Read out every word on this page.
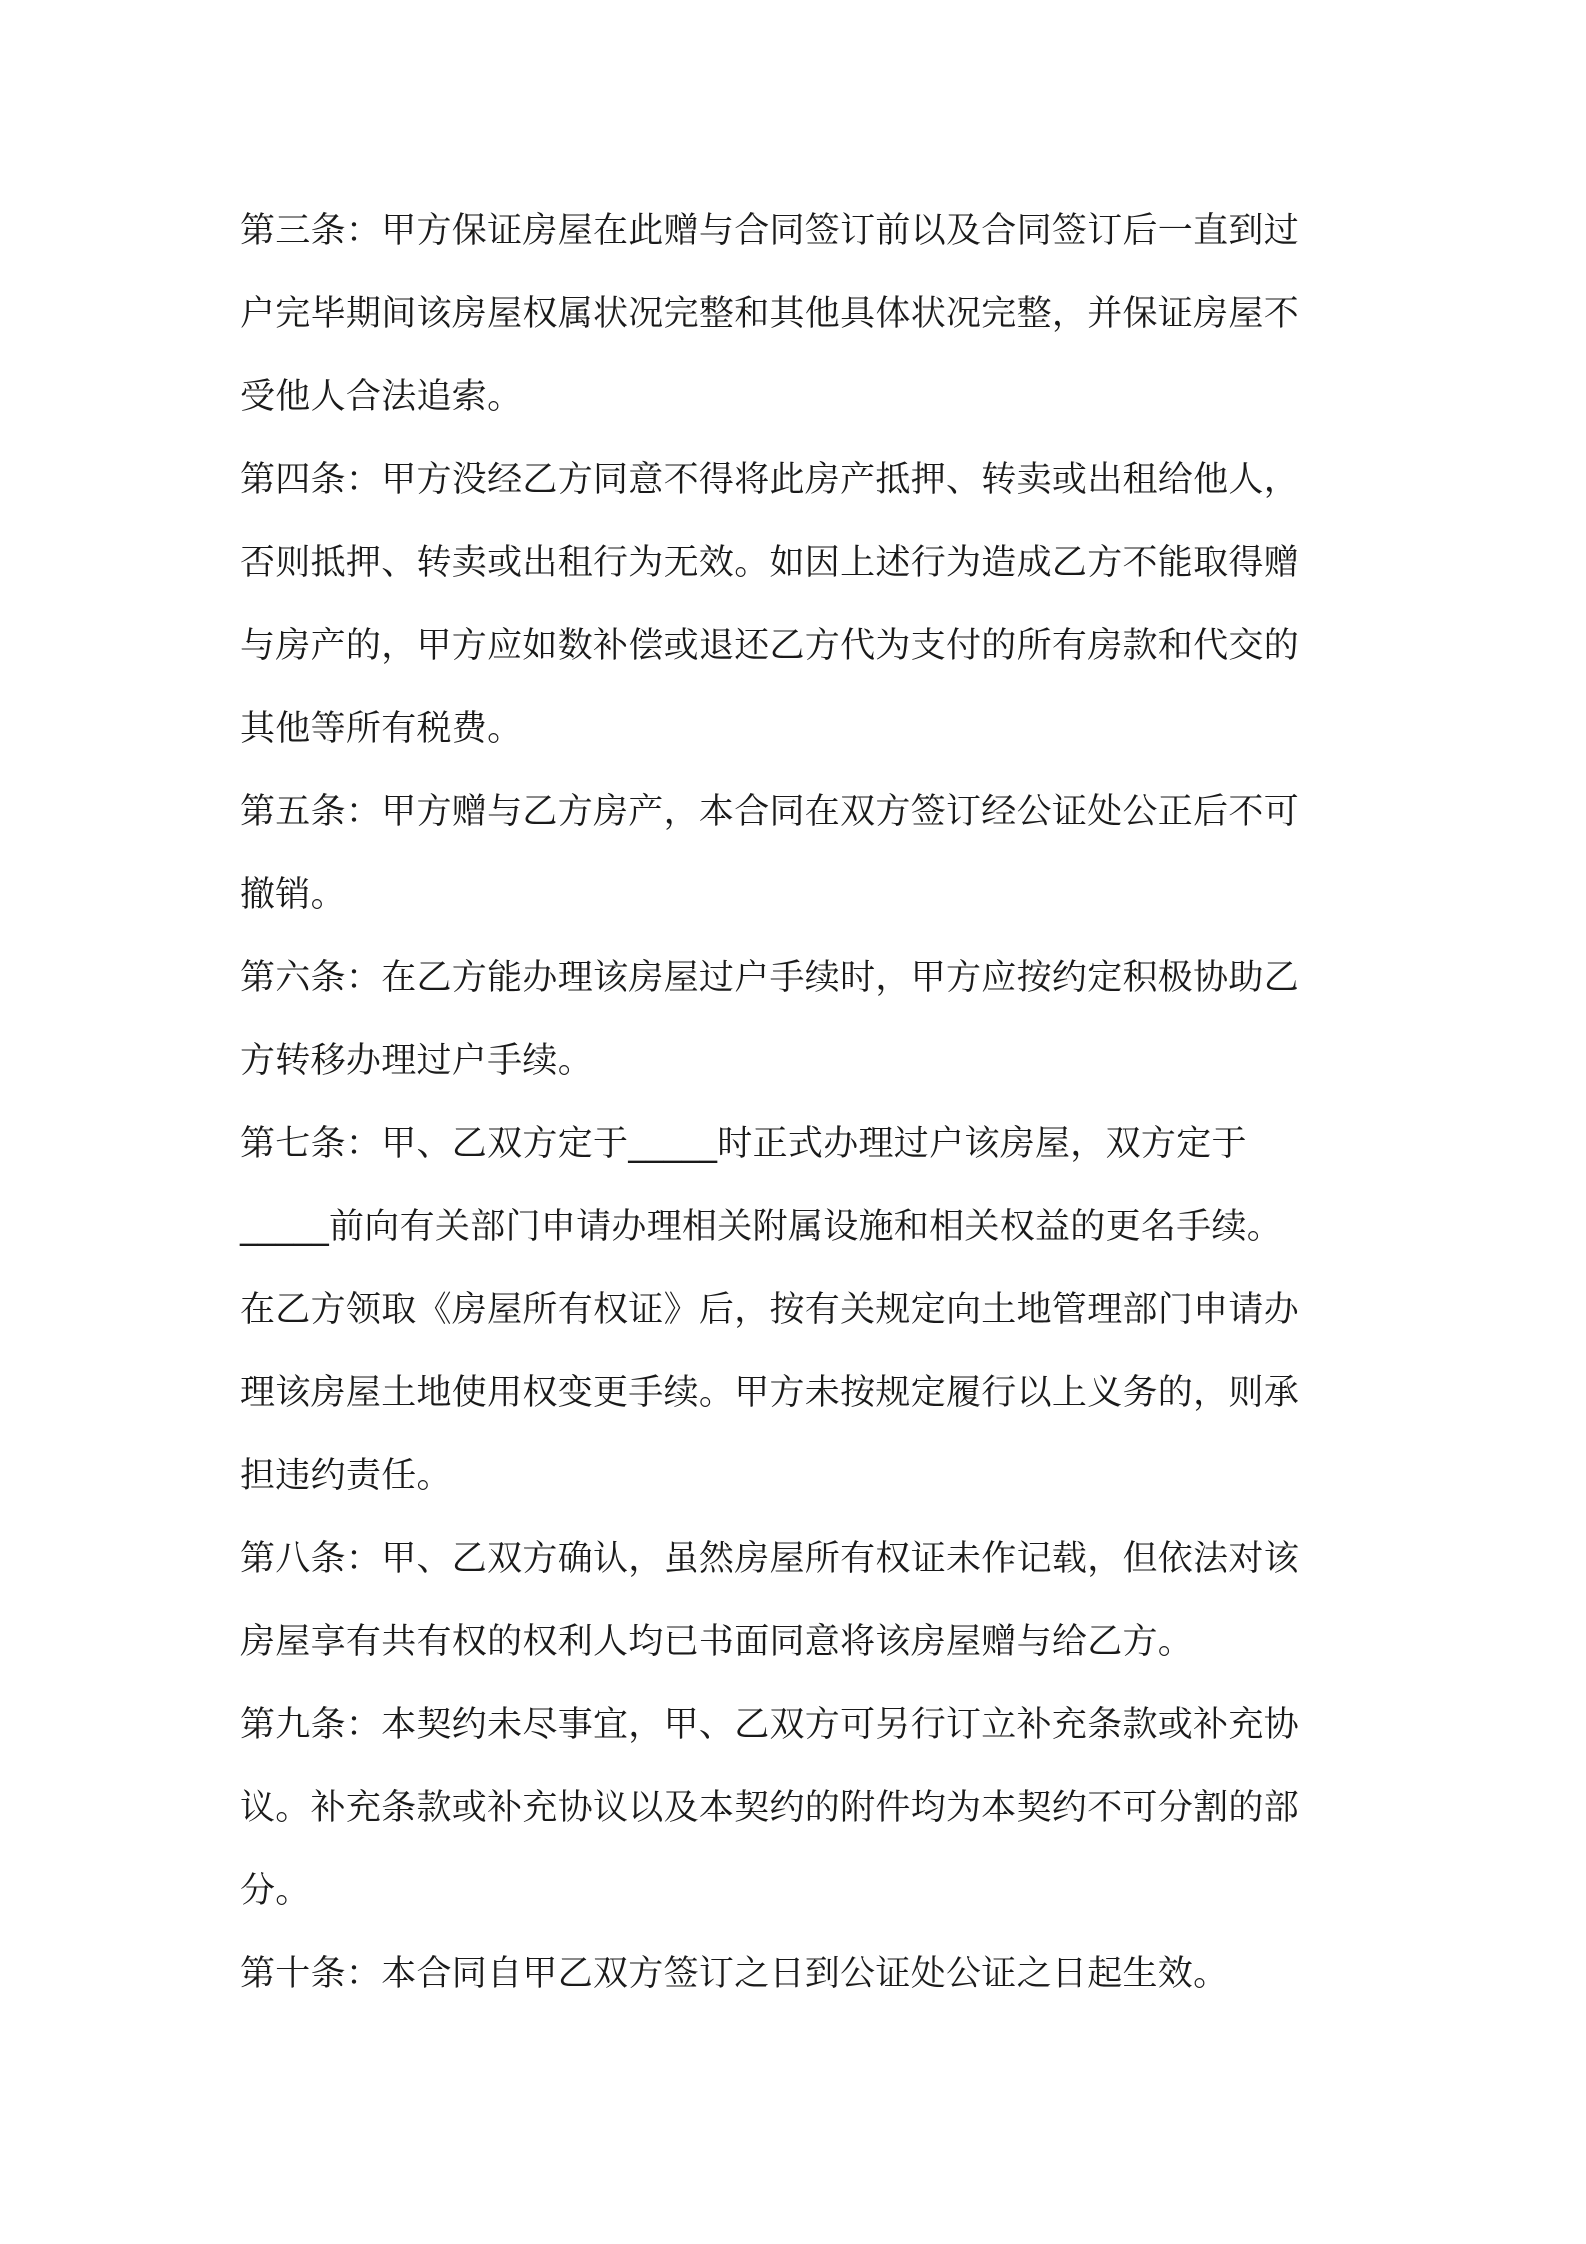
第三条：甲方保证房屋在此赠与合同签订前以及合同签订后一直到过

户完毕期间该房屋权属状况完整和其他具体状况完整，并保证房屋不

受他人合法追索。

第四条：甲方没经乙方同意不得将此房产抵押、转卖或出租给他人，

否则抵押、转卖或出租行为无效。如因上述行为造成乙方不能取得赠

与房产的，甲方应如数补偿或退还乙方代为支付的所有房款和代交的

其他等所有税费。

第五条：甲方赠与乙方房产，本合同在双方签订经公证处公正后不可

撤销。

第六条：在乙方能办理该房屋过户手续时，甲方应按约定积极协助乙

方转移办理过户手续。

第七条：甲、乙双方定于_____时正式办理过户该房屋，双方定于

_____前向有关部门申请办理相关附属设施和相关权益的更名手续。

在乙方领取《房屋所有权证》后，按有关规定向土地管理部门申请办

理该房屋土地使用权变更手续。甲方未按规定履行以上义务的，则承

担违约责任。

第八条：甲、乙双方确认，虽然房屋所有权证未作记载，但依法对该

房屋享有共有权的权利人均已书面同意将该房屋赠与给乙方。

第九条：本契约未尽事宜，甲、乙双方可另行订立补充条款或补充协

议。补充条款或补充协议以及本契约的附件均为本契约不可分割的部

分。

第十条：本合同自甲乙双方签订之日到公证处公证之日起生效。
